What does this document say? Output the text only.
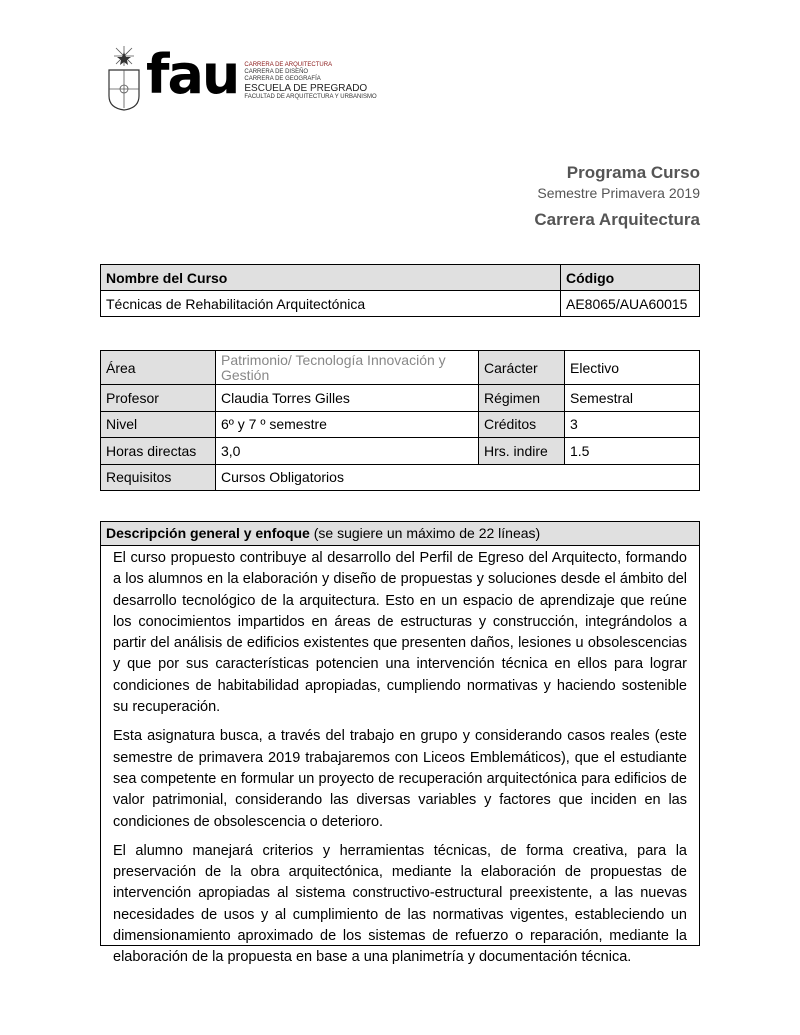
fau CARRERA DE ARQUITECTURA
CARRERA DE DISEÑO
CARRERA DE GEOGRAFÍA
ESCUELA DE PREGRADO
FACULTAD DE ARQUITECTURA Y URBANISMO
Programa Curso
Semestre Primavera 2019
Carrera Arquitectura
Nombre del Curso	Código
Técnicas de Rehabilitación Arquitectónica	AE8065/AUA60015
Área	Patrimonio/ Tecnología Innovación y Gestión	Carácter	Electivo
Profesor	Claudia Torres Gilles	Régimen	Semestral
Nivel	6º y 7 º semestre	Créditos	3
Horas directas	3,0	Hrs. indire	1.5
Requisitos	Cursos Obligatorios		
Descripción general y enfoque (se sugiere un máximo de 22 líneas)

El curso propuesto contribuye al desarrollo del Perfil de Egreso del Arquitecto, formando a los alumnos en la elaboración y diseño de propuestas y soluciones desde el ámbito del desarrollo tecnológico de la arquitectura. Esto en un espacio de aprendizaje que reúne los conocimientos impartidos en áreas de estructuras y construcción, integrándolos a partir del análisis de edificios existentes que presenten daños, lesiones u obsolescencias y que por sus características potencien una intervención técnica en ellos para lograr condiciones de habitabilidad apropiadas, cumpliendo normativas y haciendo sostenible su recuperación.

Esta asignatura busca, a través del trabajo en grupo y considerando casos reales (este semestre de primavera 2019 trabajaremos con Liceos Emblemáticos), que el estudiante sea competente en formular un proyecto de recuperación arquitectónica para edificios de valor patrimonial, considerando las diversas variables y factores que inciden en las condiciones de obsolescencia o deterioro.

El alumno manejará criterios y herramientas técnicas, de forma creativa, para la preservación de la obra arquitectónica, mediante la elaboración de propuestas de intervención apropiadas al sistema constructivo-estructural preexistente, a las nuevas necesidades de usos y al cumplimiento de las normativas vigentes, estableciendo un dimensionamiento aproximado de los sistemas de refuerzo o reparación, mediante la elaboración de la propuesta en base a una planimetría y documentación técnica.
